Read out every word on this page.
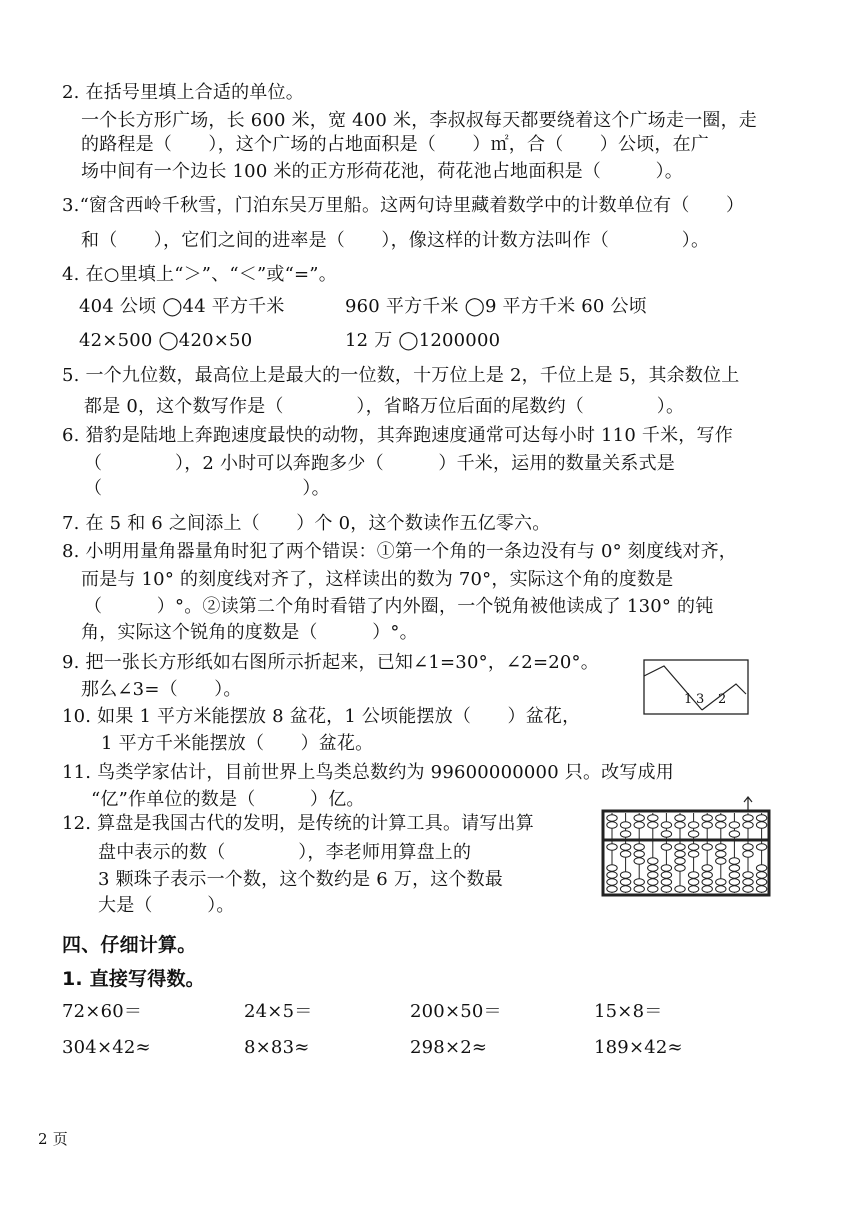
2. 在括号里填上合适的单位。
一个长方形广场，长 600 米，宽 400 米，李叔叔每天都要绕着这个广场走一圈，走
的路程是（　　），这个广场的占地面积是（　　）㎡，合（　　）公顷，在广
场中间有一个边长 100 米的正方形荷花池，荷花池占地面积是（　　　）。
3.“窗含西岭千秋雪，门泊东吴万里船。这两句诗里藏着数学中的计数单位有（　　）
和（　　），它们之间的进率是（　　），像这样的计数方法叫作（　　　　）。
4. 在○里填上“＞”、“＜”或“=”。
404 公顷 ◯44 平方千米	960 平方千米 ◯9 平方千米 60 公顷
42×500 ◯420×50	12 万 ◯1200000
5. 一个九位数，最高位上是最大的一位数，十万位上是 2，千位上是 5，其余数位上
都是 0，这个数写作是（　　　　），省略万位后面的尾数约（　　　　）。
6. 猎豹是陆地上奔跑速度最快的动物，其奔跑速度通常可达每小时 110 千米，写作
（　　　　），2 小时可以奔跑多少（　　　）千米，运用的数量关系式是
（　　　　　　　　　　　）。
7. 在 5 和 6 之间添上（　　）个 0，这个数读作五亿零六。
8. 小明用量角器量角时犯了两个错误：①第一个角的一条边没有与 0° 刻度线对齐，
而是与 10° 的刻度线对齐了，这样读出的数为 70°，实际这个角的度数是
（　　　）°。②读第二个角时看错了内外圈，一个锐角被他读成了 130° 的钝
角，实际这个锐角的度数是（　　　）°。
9. 把一张长方形纸如右图所示折起来，已知∠1=30°，∠2=20°。
那么∠3=（　　）。	1 3 2
10. 如果 1 平方米能摆放 8 盆花，1 公顷能摆放（　　）盆花，
1 平方千米能摆放（　　）盆花。
11. 鸟类学家估计，目前世界上鸟类总数约为 99600000000 只。改写成用
“亿”作单位的数是（　　　）亿。
12. 算盘是我国古代的发明，是传统的计算工具。请写出算
盘中表示的数（　　　　），李老师用算盘上的
3 颗珠子表示一个数，这个数约是 6 万，这个数最
大是（　　　）。
四、仔细计算。
1. 直接写得数。
72×60＝	24×5＝	200×50＝	15×8＝
304×42≈	8×83≈	298×2≈	189×42≈
2 页
